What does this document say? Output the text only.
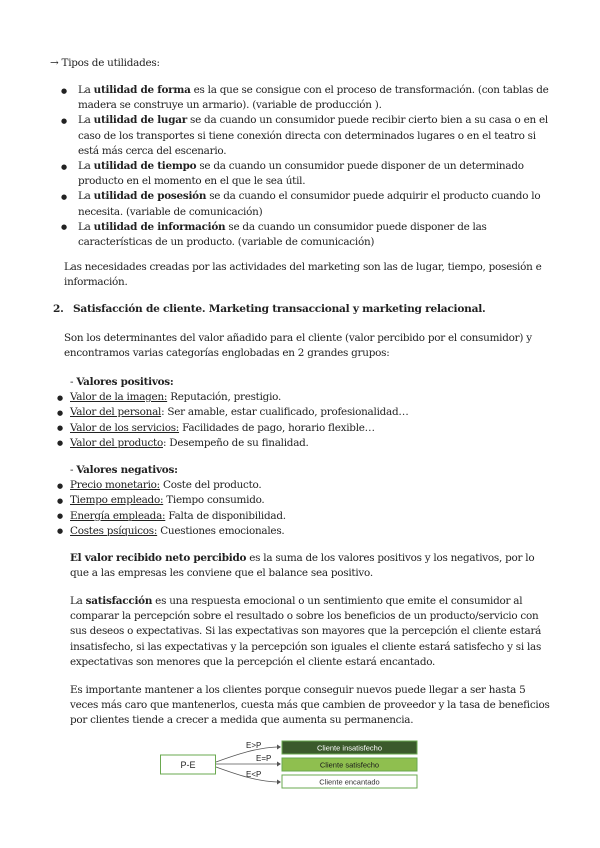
→ Tipos de utilidades:
● La utilidad de forma es la que se consigue con el proceso de transformación. (con tablas de madera se construye un armario). (variable de producción ).
● La utilidad de lugar se da cuando un consumidor puede recibir cierto bien a su casa o en el caso de los transportes si tiene conexión directa con determinados lugares o en el teatro si está más cerca del escenario.
● La utilidad de tiempo se da cuando un consumidor puede disponer de un determinado producto en el momento en el que le sea útil.
● La utilidad de posesión se da cuando el consumidor puede adquirir el producto cuando lo necesita. (variable de comunicación)
● La utilidad de información se da cuando un consumidor puede disponer de las características de un producto. (variable de comunicación)
Las necesidades creadas por las actividades del marketing son las de lugar, tiempo, posesión e información.
2. Satisfacción de cliente. Marketing transaccional y marketing relacional.
Son los determinantes del valor añadido para el cliente (valor percibido por el consumidor) y encontramos varias categorías englobadas en 2 grandes grupos:
- Valores positivos:
● Valor de la imagen: Reputación, prestigio.
● Valor del personal: Ser amable, estar cualificado, profesionalidad…
● Valor de los servicios: Facilidades de pago, horario flexible…
● Valor del producto: Desempeño de su finalidad.
- Valores negativos:
● Precio monetario: Coste del producto.
● Tiempo empleado: Tiempo consumido.
● Energía empleada: Falta de disponibilidad.
● Costes psíquicos: Cuestiones emocionales.
El valor recibido neto percibido es la suma de los valores positivos y los negativos, por lo que a las empresas les conviene que el balance sea positivo.
La satisfacción es una respuesta emocional o un sentimiento que emite el consumidor al comparar la percepción sobre el resultado o sobre los beneficios de un producto/servicio con sus deseos o expectativas. Si las expectativas son mayores que la percepción el cliente estará insatisfecho, si las expectativas y la percepción son iguales el cliente estará satisfecho y si las expectativas son menores que la percepción el cliente estará encantado.
Es importante mantener a los clientes porque conseguir nuevos puede llegar a ser hasta 5 veces más caro que mantenerlos, cuesta más que cambien de proveedor y la tasa de beneficios por clientes tiende a crecer a medida que aumenta su permanencia.
P-E
E>P
E=P
E<P
Cliente insatisfecho
Cliente satisfecho
Cliente encantado
